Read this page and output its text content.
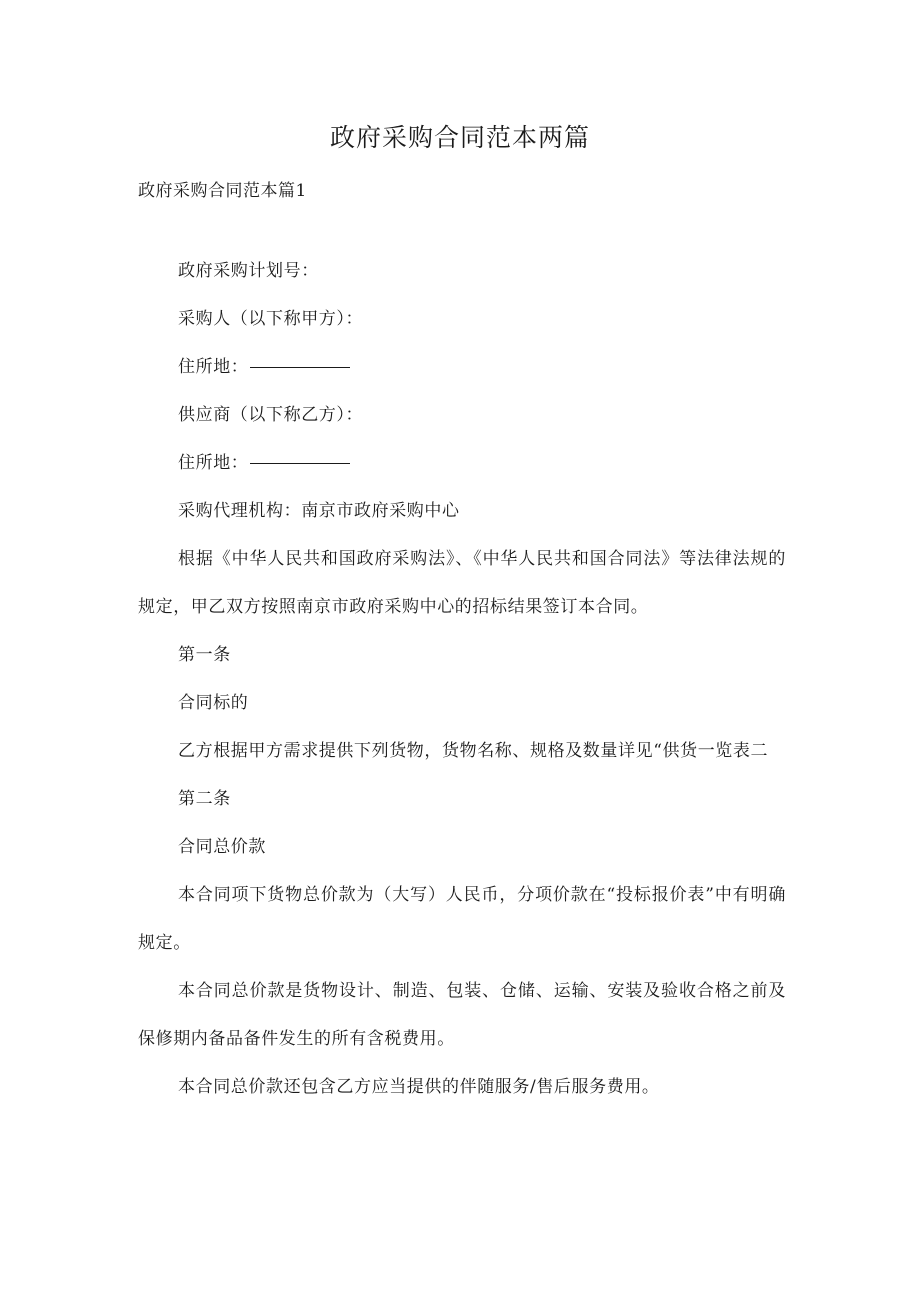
政府采购合同范本两篇
政府采购合同范本篇1

政府采购计划号：

采购人（以下称甲方）：

住所地：

供应商（以下称乙方）：

住所地：

采购代理机构：南京市政府采购中心

根据《中华人民共和国政府采购法》、《中华人民共和国合同法》等法律法规的规定，甲乙双方按照南京市政府采购中心的招标结果签订本合同。

第一条

合同标的

乙方根据甲方需求提供下列货物，货物名称、规格及数量详见“供货一览表二

第二条

合同总价款

本合同项下货物总价款为（大写）人民币，分项价款在“投标报价表”中有明确规定。

本合同总价款是货物设计、制造、包装、仓储、运输、安装及验收合格之前及保修期内备品备件发生的所有含税费用。

本合同总价款还包含乙方应当提供的伴随服务/售后服务费用。
